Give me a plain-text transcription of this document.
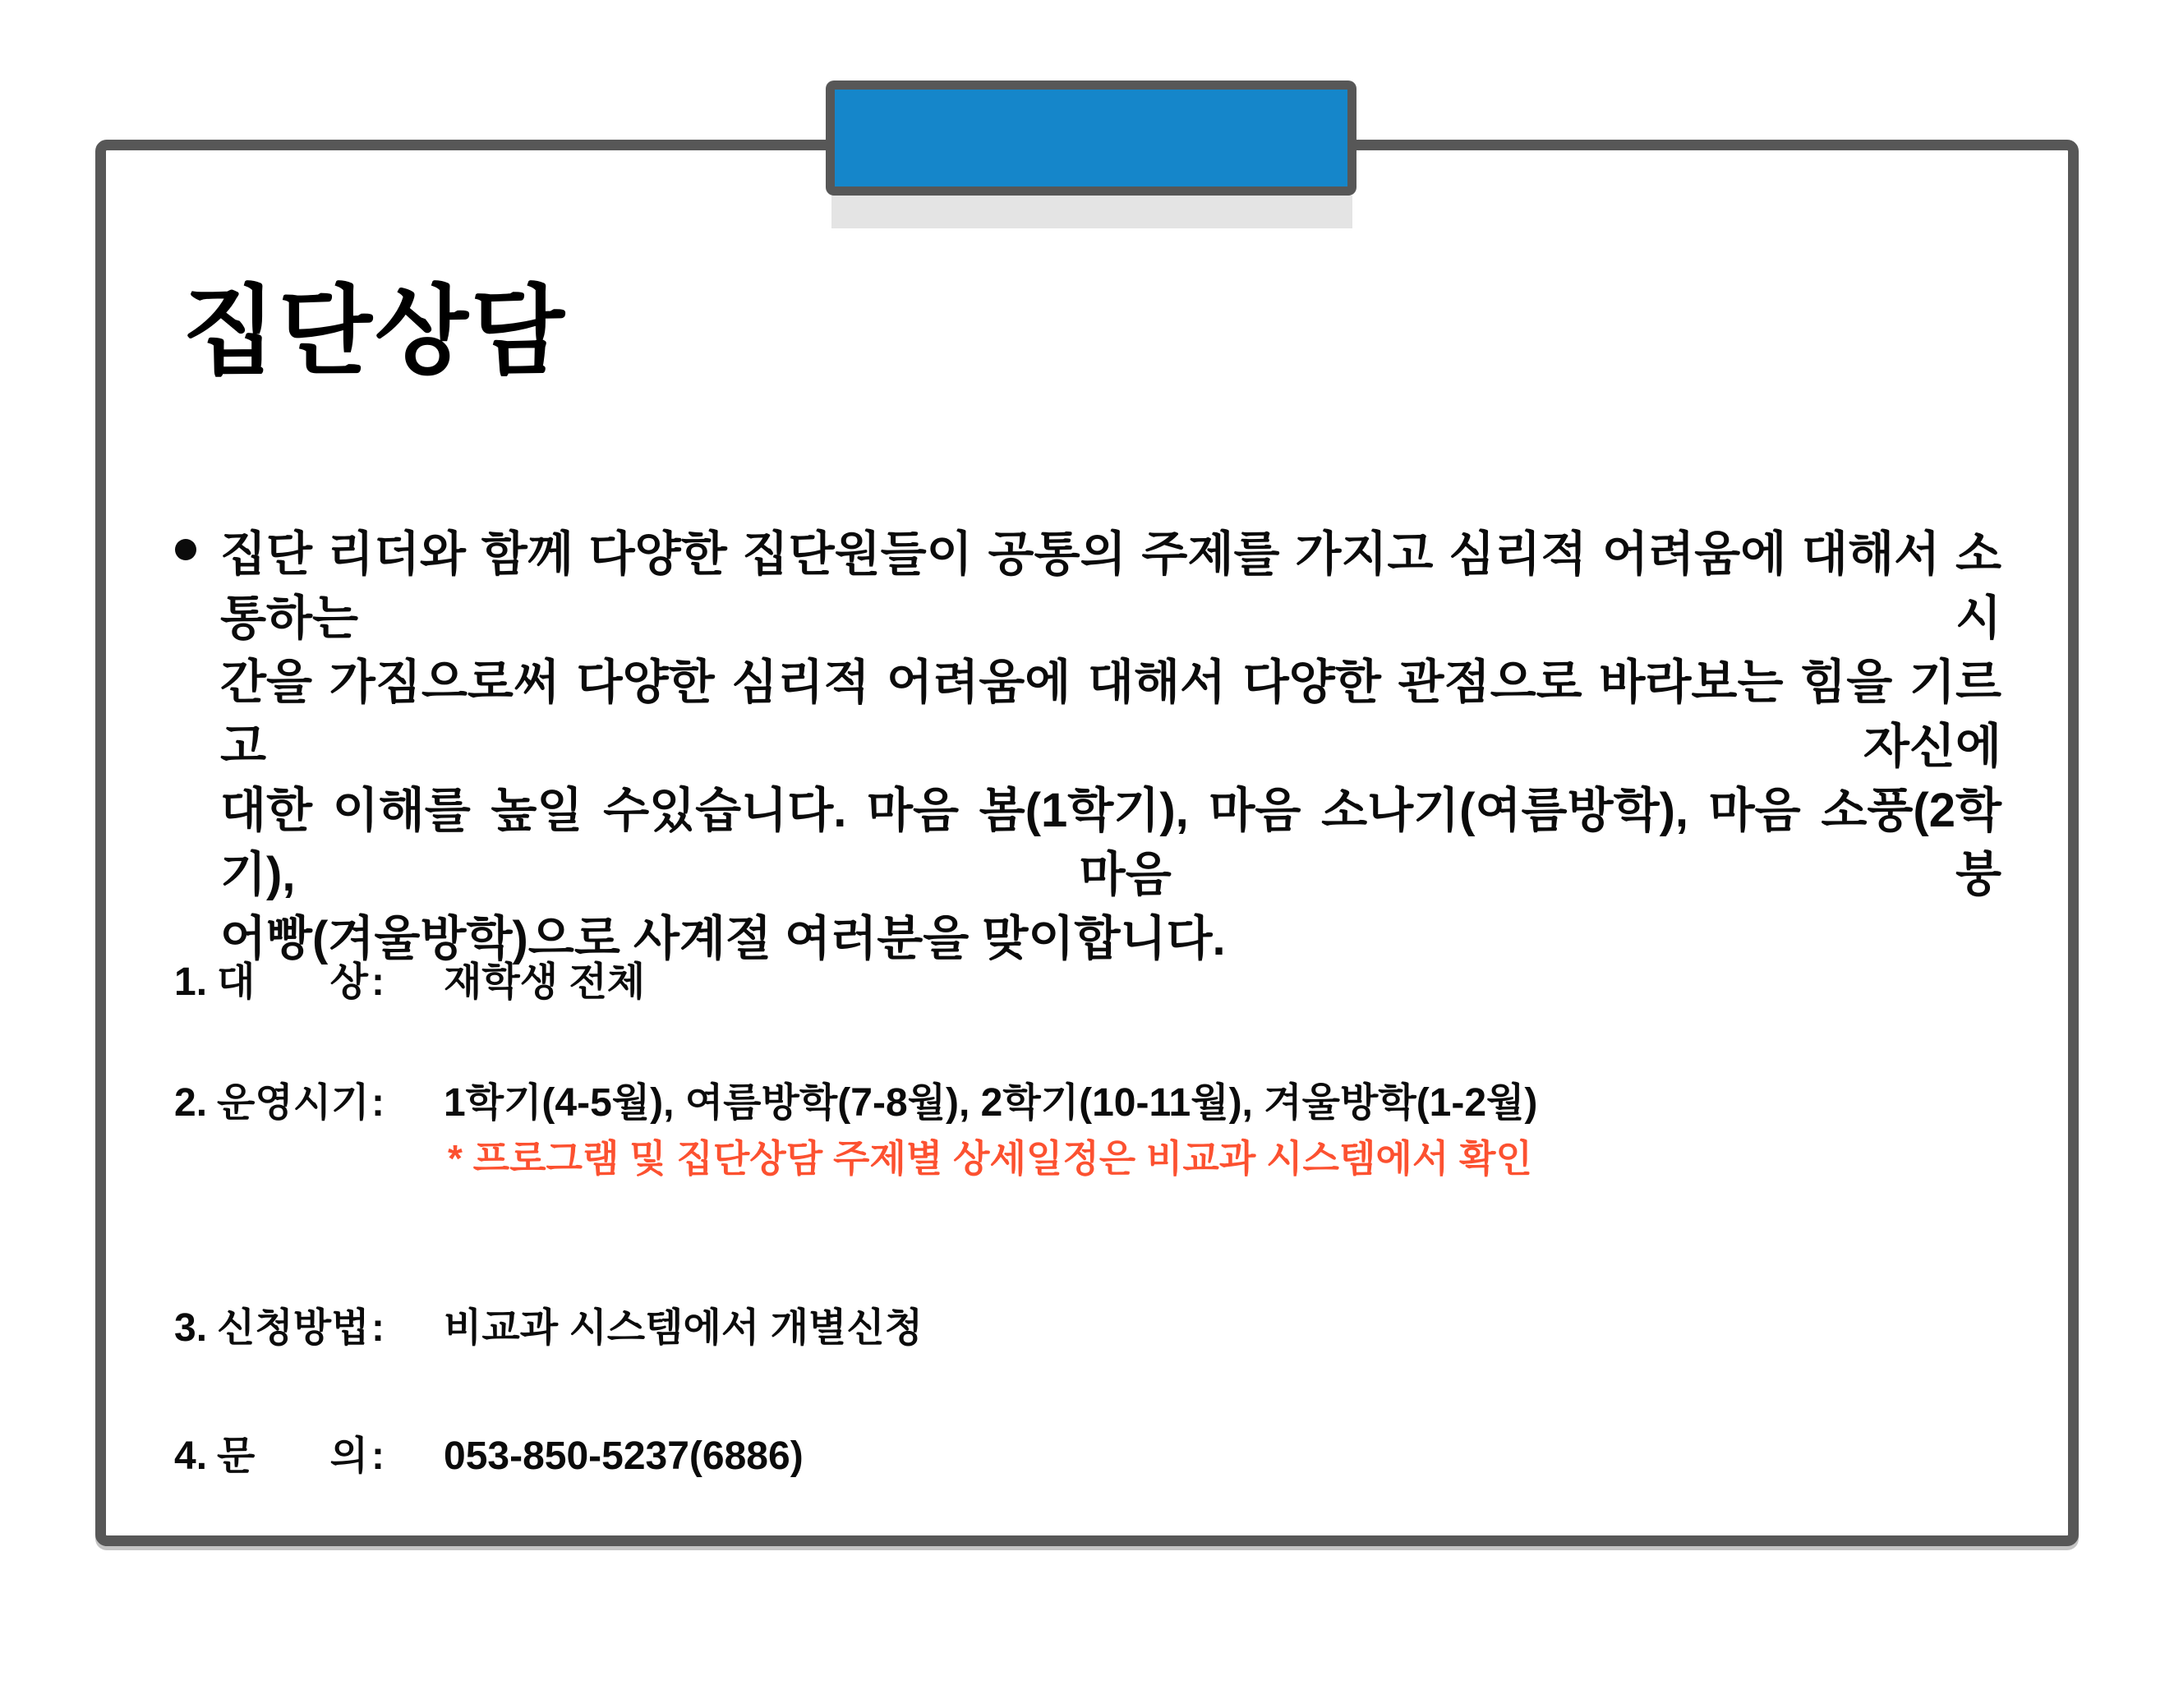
집단상담
집단 리더와 함께 다양한 집단원들이 공통의 주제를 가지고 심리적 어려움에 대해서 소통하는 시
간을 가짐으로써 다양한 심리적 어려움에 대해서 다양한 관점으로 바라보는 힘을 기르고 자신에
대한 이해를 높일 수있습니다. 마음 봄(1학기), 마음 소나기(여름방학), 마음 소풍(2학기), 마음 붕
어빵(겨울방학)으로 사계절 여러분을 맞이합니다.
1. 대 상 : 재학생 전체
2. 운영시기 : 1학기(4-5월), 여름방학(7-8월), 2학기(10-11월), 겨울방학(1-2월)
* 프로그램 및 집단상담 주제별 상세일정은 비교과 시스템에서 확인
3. 신청방법 : 비교과 시스템에서 개별신청
4. 문 의 : 053-850-5237(6886)
